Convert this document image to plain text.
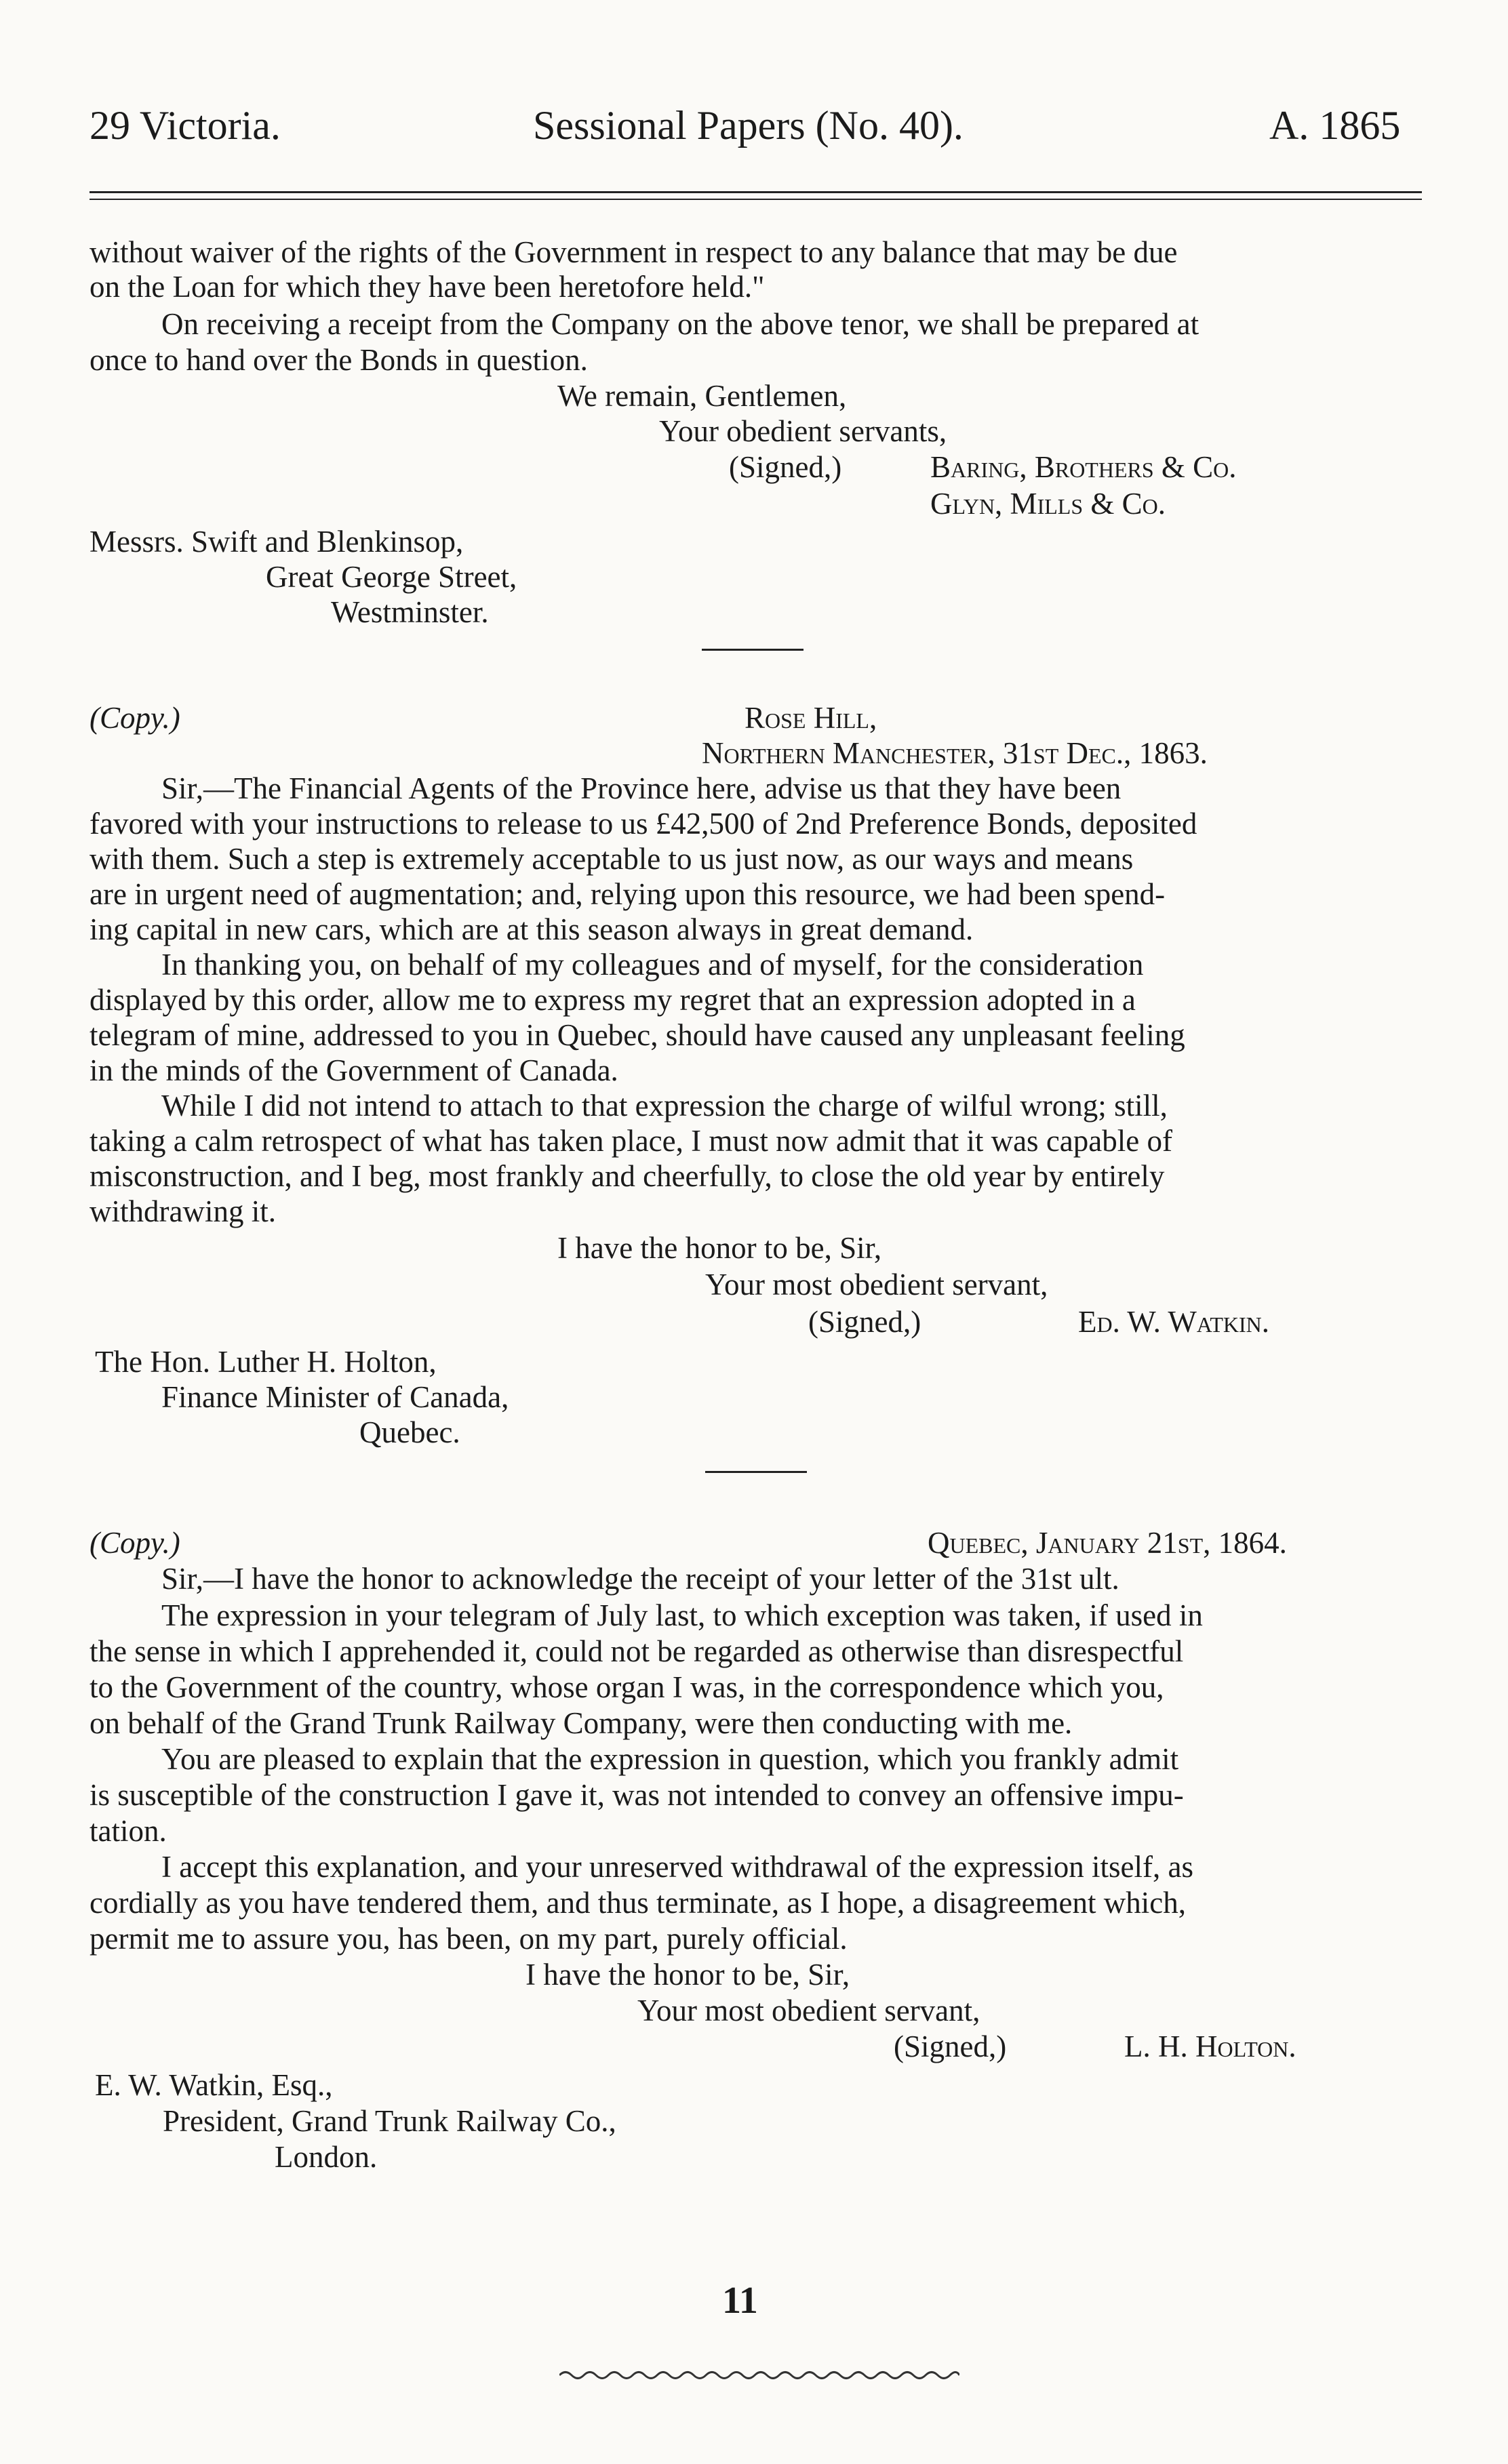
29 Victoria.	Sessional Papers (No. 40).	A. 1865
without waiver of the rights of the Government in respect to any balance that may be due
on the Loan for which they have been heretofore held."
On receiving a receipt from the Company on the above tenor, we shall be prepared at
once to hand over the Bonds in question.
We remain, Gentlemen,
Your obedient servants,
(Signed,)	Baring, Brothers & Co.
Glyn, Mills & Co.
Messrs. Swift and Blenkinsop,
Great George Street,
Westminster.
(Copy.)	Rose Hill,
Northern Manchester, 31st Dec., 1863.
Sir,—The Financial Agents of the Province here, advise us that they have been
favored with your instructions to release to us £42,500 of 2nd Preference Bonds, deposited
with them. Such a step is extremely acceptable to us just now, as our ways and means
are in urgent need of augmentation; and, relying upon this resource, we had been spend-
ing capital in new cars, which are at this season always in great demand.
In thanking you, on behalf of my colleagues and of myself, for the consideration
displayed by this order, allow me to express my regret that an expression adopted in a
telegram of mine, addressed to you in Quebec, should have caused any unpleasant feeling
in the minds of the Government of Canada.
While I did not intend to attach to that expression the charge of wilful wrong; still,
taking a calm retrospect of what has taken place, I must now admit that it was capable of
misconstruction, and I beg, most frankly and cheerfully, to close the old year by entirely
withdrawing it.
I have the honor to be, Sir,
Your most obedient servant,
(Signed,)	Ed. W. Watkin.
The Hon. Luther H. Holton,
Finance Minister of Canada,
Quebec.
(Copy.)	Quebec, January 21st, 1864.
Sir,—I have the honor to acknowledge the receipt of your letter of the 31st ult.
The expression in your telegram of July last, to which exception was taken, if used in
the sense in which I apprehended it, could not be regarded as otherwise than disrespectful
to the Government of the country, whose organ I was, in the correspondence which you,
on behalf of the Grand Trunk Railway Company, were then conducting with me.
You are pleased to explain that the expression in question, which you frankly admit
is susceptible of the construction I gave it, was not intended to convey an offensive impu-
tation.
I accept this explanation, and your unreserved withdrawal of the expression itself, as
cordially as you have tendered them, and thus terminate, as I hope, a disagreement which,
permit me to assure you, has been, on my part, purely official.
I have the honor to be, Sir,
Your most obedient servant,
(Signed,)	L. H. Holton.
E. W. Watkin, Esq.,
President, Grand Trunk Railway Co.,
London.
11
